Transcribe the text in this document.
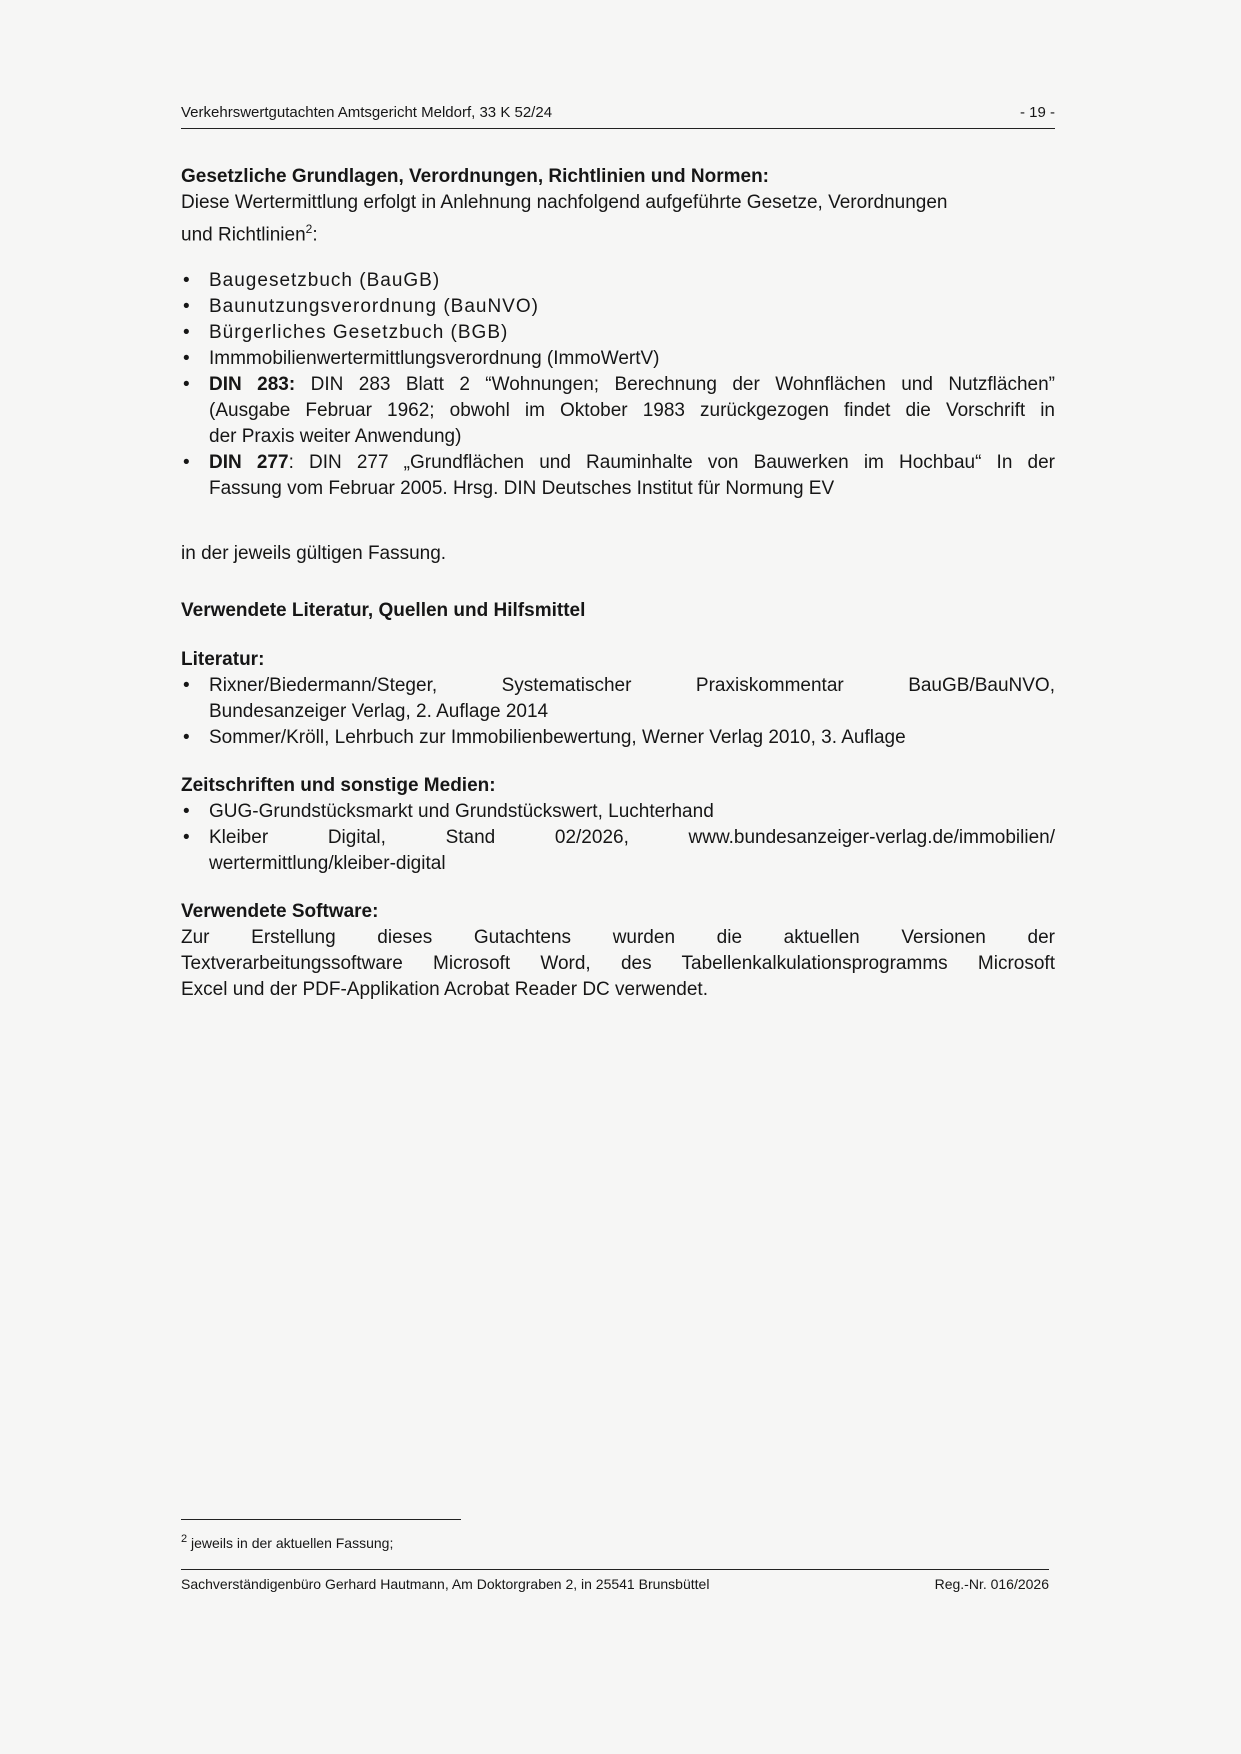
Verkehrswertgutachten Amtsgericht Meldorf, 33 K 52/24	- 19 -
Gesetzliche Grundlagen, Verordnungen, Richtlinien und Normen:
Diese Wertermittlung erfolgt in Anlehnung nachfolgend aufgeführte Gesetze, Verordnungen
und Richtlinien$^2$:
• Baugesetzbuch (BauGB)
• Baunutzungsverordnung (BauNVO)
• Bürgerliches Gesetzbuch (BGB)
• Immmobilienwertermittlungsverordnung (ImmoWertV)
• DIN 283: DIN 283 Blatt 2 “Wohnungen; Berechnung der Wohnflächen und Nutzflächen”
(Ausgabe Februar 1962; obwohl im Oktober 1983 zurückgezogen findet die Vorschrift in
der Praxis weiter Anwendung)
• DIN 277: DIN 277 „Grundflächen und Rauminhalte von Bauwerken im Hochbau“ In der
Fassung vom Februar 2005. Hrsg. DIN Deutsches Institut für Normung EV
in der jeweils gültigen Fassung.
Verwendete Literatur, Quellen und Hilfsmittel
Literatur:
• Rixner/Biedermann/Steger, Systematischer Praxiskommentar BauGB/BauNVO,
Bundesanzeiger Verlag, 2. Auflage 2014
• Sommer/Kröll, Lehrbuch zur Immobilienbewertung, Werner Verlag 2010, 3. Auflage
Zeitschriften und sonstige Medien:
• GUG-Grundstücksmarkt und Grundstückswert, Luchterhand
• Kleiber Digital, Stand 02/2026, www.bundesanzeiger-verlag.de/immobilien/
wertermittlung/kleiber-digital
Verwendete Software:
Zur Erstellung dieses Gutachtens wurden die aktuellen Versionen der
Textverarbeitungssoftware Microsoft Word, des Tabellenkalkulationsprogramms Microsoft
Excel und der PDF-Applikation Acrobat Reader DC verwendet.
$^2$ jeweils in der aktuellen Fassung;
Sachverständigenbüro Gerhard Hautmann, Am Doktorgraben 2, in 25541 Brunsbüttel	Reg.-Nr. 016/2026
